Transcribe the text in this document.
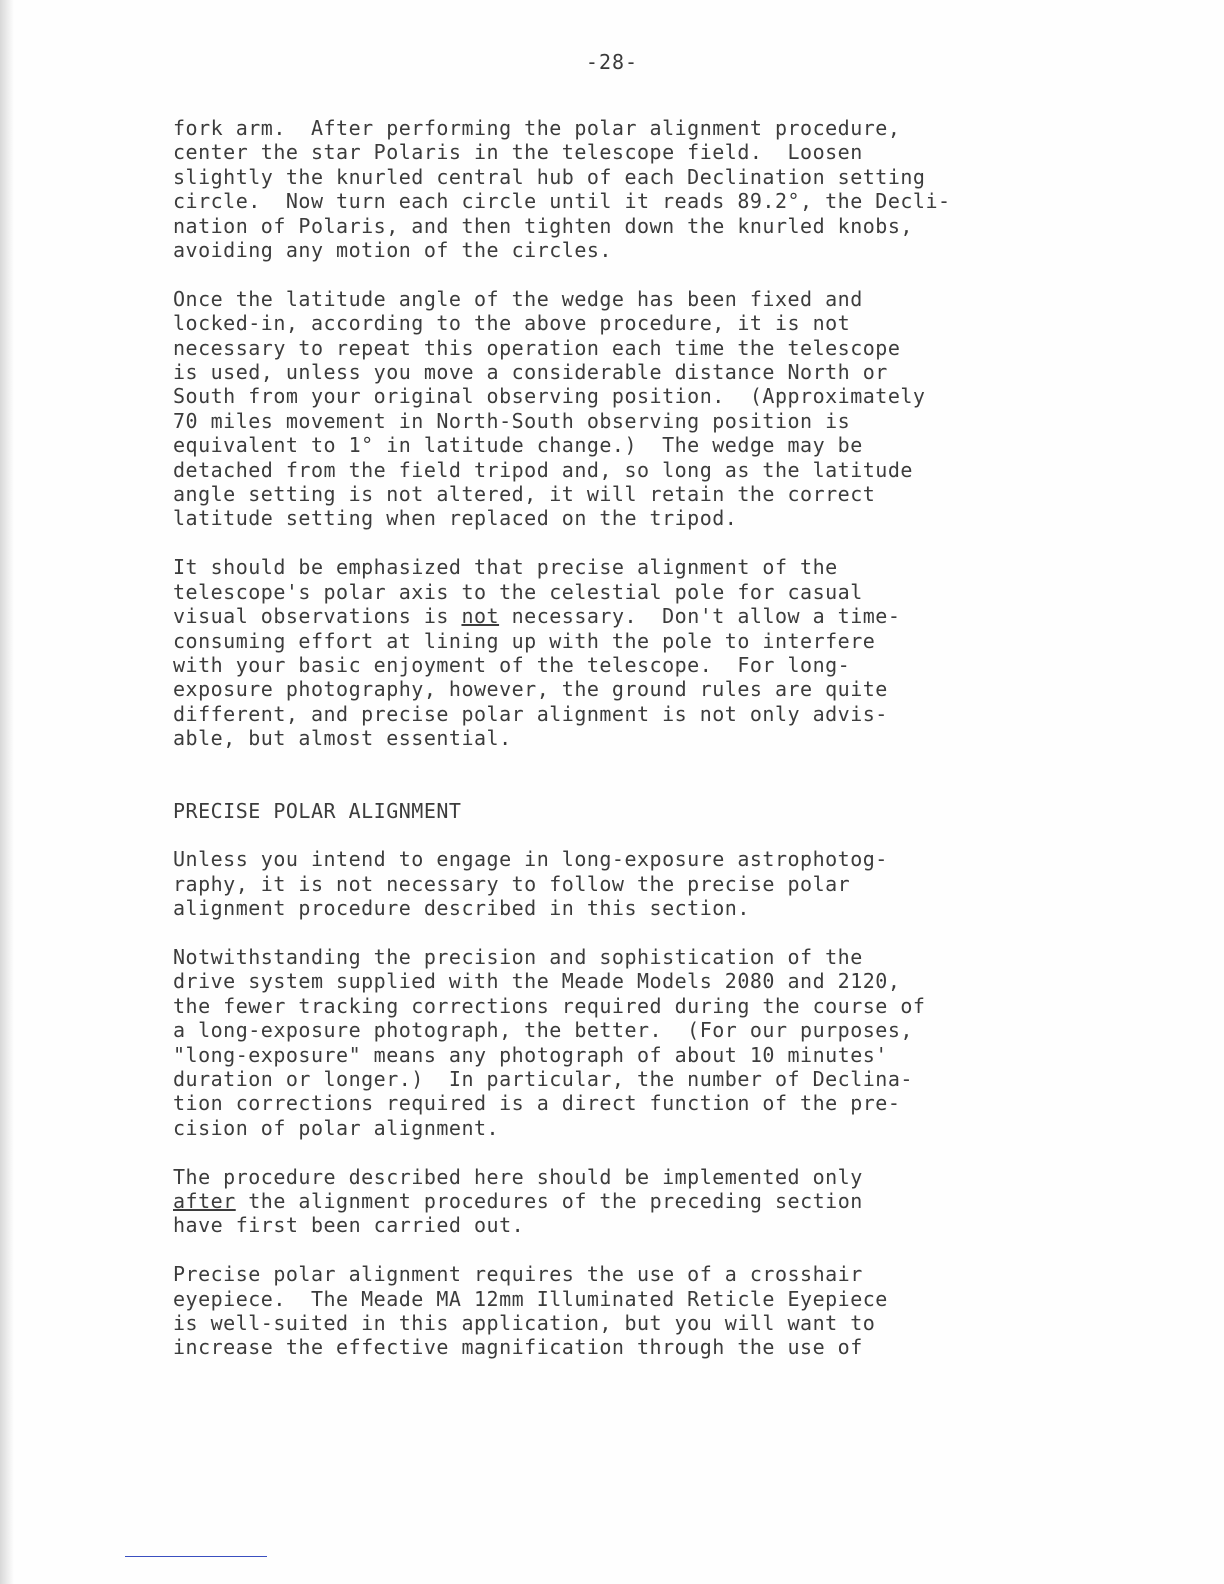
-28-

fork arm.  After performing the polar alignment procedure,
center the star Polaris in the telescope field.  Loosen
slightly the knurled central hub of each Declination setting
circle.  Now turn each circle until it reads 89.2°, the Decli-
nation of Polaris, and then tighten down the knurled knobs,
avoiding any motion of the circles.

Once the latitude angle of the wedge has been fixed and
locked-in, according to the above procedure, it is not
necessary to repeat this operation each time the telescope
is used, unless you move a considerable distance North or
South from your original observing position.  (Approximately
70 miles movement in North-South observing position is
equivalent to 1° in latitude change.)  The wedge may be
detached from the field tripod and, so long as the latitude
angle setting is not altered, it will retain the correct
latitude setting when replaced on the tripod.

It should be emphasized that precise alignment of the
telescope's polar axis to the celestial pole for casual
visual observations is not necessary.  Don't allow a time-
consuming effort at lining up with the pole to interfere
with your basic enjoyment of the telescope.  For long-
exposure photography, however, the ground rules are quite
different, and precise polar alignment is not only advis-
able, but almost essential.

PRECISE POLAR ALIGNMENT

Unless you intend to engage in long-exposure astrophotog-
raphy, it is not necessary to follow the precise polar
alignment procedure described in this section.

Notwithstanding the precision and sophistication of the
drive system supplied with the Meade Models 2080 and 2120,
the fewer tracking corrections required during the course of
a long-exposure photograph, the better.  (For our purposes,
"long-exposure" means any photograph of about 10 minutes'
duration or longer.)  In particular, the number of Declina-
tion corrections required is a direct function of the pre-
cision of polar alignment.

The procedure described here should be implemented only
after the alignment procedures of the preceding section
have first been carried out.

Precise polar alignment requires the use of a crosshair
eyepiece.  The Meade MA 12mm Illuminated Reticle Eyepiece
is well-suited in this application, but you will want to
increase the effective magnification through the use of
